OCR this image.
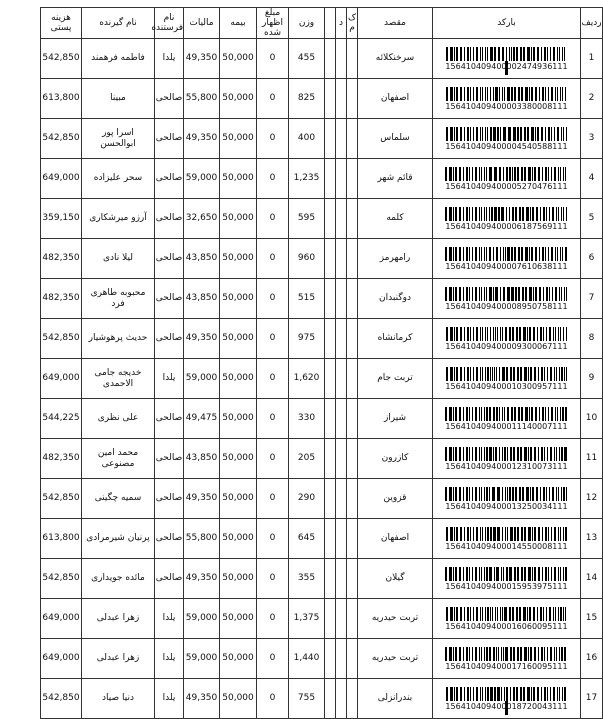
ردیف	بارکد	مقصد	ک م	د		وزن	مبلغ اظهار شده	بیمه	مالیات	نام فرستنده	نام گیرنده	هزینه پستی
1	156410409400002474936111	سرخنکلائه				455	0	50,000	49,350	یلدا	فاطمه فرهمند	542,850
2	156410409400003380008111	اصفهان				825	0	50,000	55,800	صالحی	مبینا	613,800
3	156410409400004540588111	سلماس				400	0	50,000	49,350	صالحی	اسرا پور ابوالحسن	542,850
4	156410409400005270476111	قائم شهر				1,235	0	50,000	59,000	صالحی	سحر علیزاده	649,000
5	156410409400006187569111	کلمه				595	0	50,000	32,650	صالحی	آرزو میرشکاری	359,150
6	156410409400007610638111	رامهرمز				960	0	50,000	43,850	صالحی	لیلا نادی	482,350
7	156410409400008950758111	دوگنبدان				515	0	50,000	43,850	صالحی	محبوبه طاهری فرد	482,350
8	156410409400009300067111	کرمانشاه				975	0	50,000	49,350	صالحی	حدیث پرهوشیار	542,850
9	156410409400010300957111	تربت جام				1,620	0	50,000	59,000	یلدا	خدیجه جامی الاحمدی	649,000
10	156410409400011140007111	شیراز				330	0	50,000	49,475	صالحی	علی نظری	544,225
11	156410409400012310073111	کازرون				205	0	50,000	43,850	صالحی	محمد امین مصنوعی	482,350
12	156410409400013250034111	قزوین				290	0	50,000	49,350	صالحی	سمیه چگینی	542,850
13	156410409400014550008111	اصفهان				645	0	50,000	55,800	صالحی	پرنیان شیرمرادی	613,800
14	156410409400015953975111	گیلان				355	0	50,000	49,350	صالحی	مائده جویداری	542,850
15	156410409400016060095111	تربت حیدریه				1,375	0	50,000	59,000	یلدا	زهرا عبدلی	649,000
16	156410409400017160095111	تربت حیدریه				1,440	0	50,000	59,000	یلدا	زهرا عبدلی	649,000
17	156410409400018720043111	بندرانزلی				755	0	50,000	49,350	یلدا	دنیا صیاد	542,850
